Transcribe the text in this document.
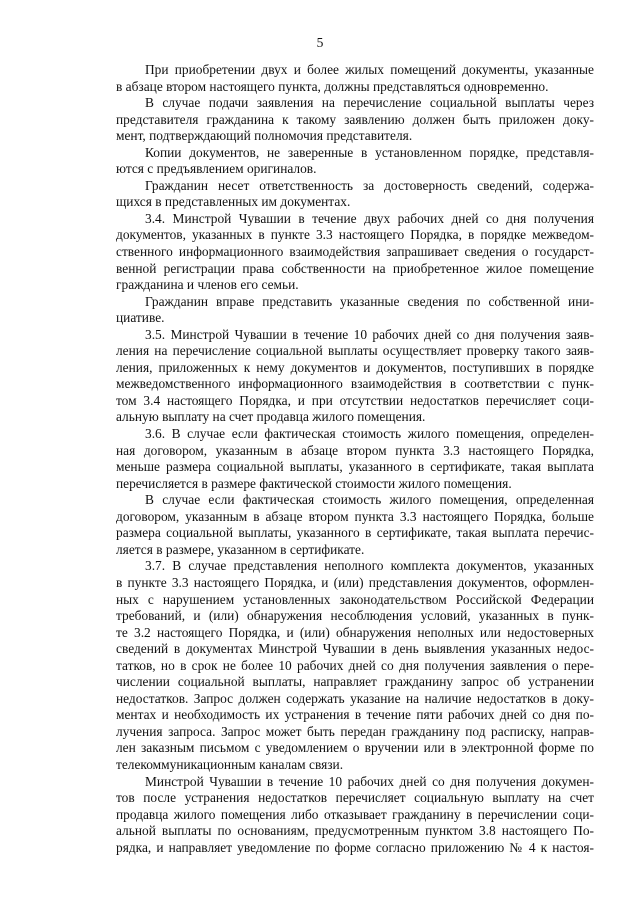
5
При приобретении двух и более жилых помещений документы, указанные
в абзаце втором настоящего пункта, должны представляться одновременно.
В случае подачи заявления на перечисление социальной выплаты через
представителя гражданина к такому заявлению должен быть приложен доку-
мент, подтверждающий полномочия представителя.
Копии документов, не заверенные в установленном порядке, представля-
ются с предъявлением оригиналов.
Гражданин несет ответственность за достоверность сведений, содержа-
щихся в представленных им документах.
3.4. Минстрой Чувашии в течение двух рабочих дней со дня получения
документов, указанных в пункте 3.3 настоящего Порядка, в порядке межведом-
ственного информационного взаимодействия запрашивает сведения о государст-
венной регистрации права собственности на приобретенное жилое помещение
гражданина и членов его семьи.
Гражданин вправе представить указанные сведения по собственной ини-
циативе.
3.5. Минстрой Чувашии в течение 10 рабочих дней со дня получения заяв-
ления на перечисление социальной выплаты осуществляет проверку такого заяв-
ления, приложенных к нему документов и документов, поступивших в порядке
межведомственного информационного взаимодействия в соответствии с пунк-
том 3.4 настоящего Порядка, и при отсутствии недостатков перечисляет соци-
альную выплату на счет продавца жилого помещения.
3.6. В случае если фактическая стоимость жилого помещения, определен-
ная договором, указанным в абзаце втором пункта 3.3 настоящего Порядка,
меньше размера социальной выплаты, указанного в сертификате, такая выплата
перечисляется в размере фактической стоимости жилого помещения.
В случае если фактическая стоимость жилого помещения, определенная
договором, указанным в абзаце втором пункта 3.3 настоящего Порядка, больше
размера социальной выплаты, указанного в сертификате, такая выплата перечис-
ляется в размере, указанном в сертификате.
3.7. В случае представления неполного комплекта документов, указанных
в пункте 3.3 настоящего Порядка, и (или) представления документов, оформлен-
ных с нарушением установленных законодательством Российской Федерации
требований, и (или) обнаружения несоблюдения условий, указанных в пунк-
те 3.2 настоящего Порядка, и (или) обнаружения неполных или недостоверных
сведений в документах Минстрой Чувашии в день выявления указанных недос-
татков, но в срок не более 10 рабочих дней со дня получения заявления о пере-
числении социальной выплаты, направляет гражданину запрос об устранении
недостатков. Запрос должен содержать указание на наличие недостатков в доку-
ментах и необходимость их устранения в течение пяти рабочих дней со дня по-
лучения запроса. Запрос может быть передан гражданину под расписку, направ-
лен заказным письмом с уведомлением о вручении или в электронной форме по
телекоммуникационным каналам связи.
Минстрой Чувашии в течение 10 рабочих дней со дня получения докумен-
тов после устранения недостатков перечисляет социальную выплату на счет
продавца жилого помещения либо отказывает гражданину в перечислении соци-
альной выплаты по основаниям, предусмотренным пунктом 3.8 настоящего По-
рядка, и направляет уведомление по форме согласно приложению № 4 к настоя-
